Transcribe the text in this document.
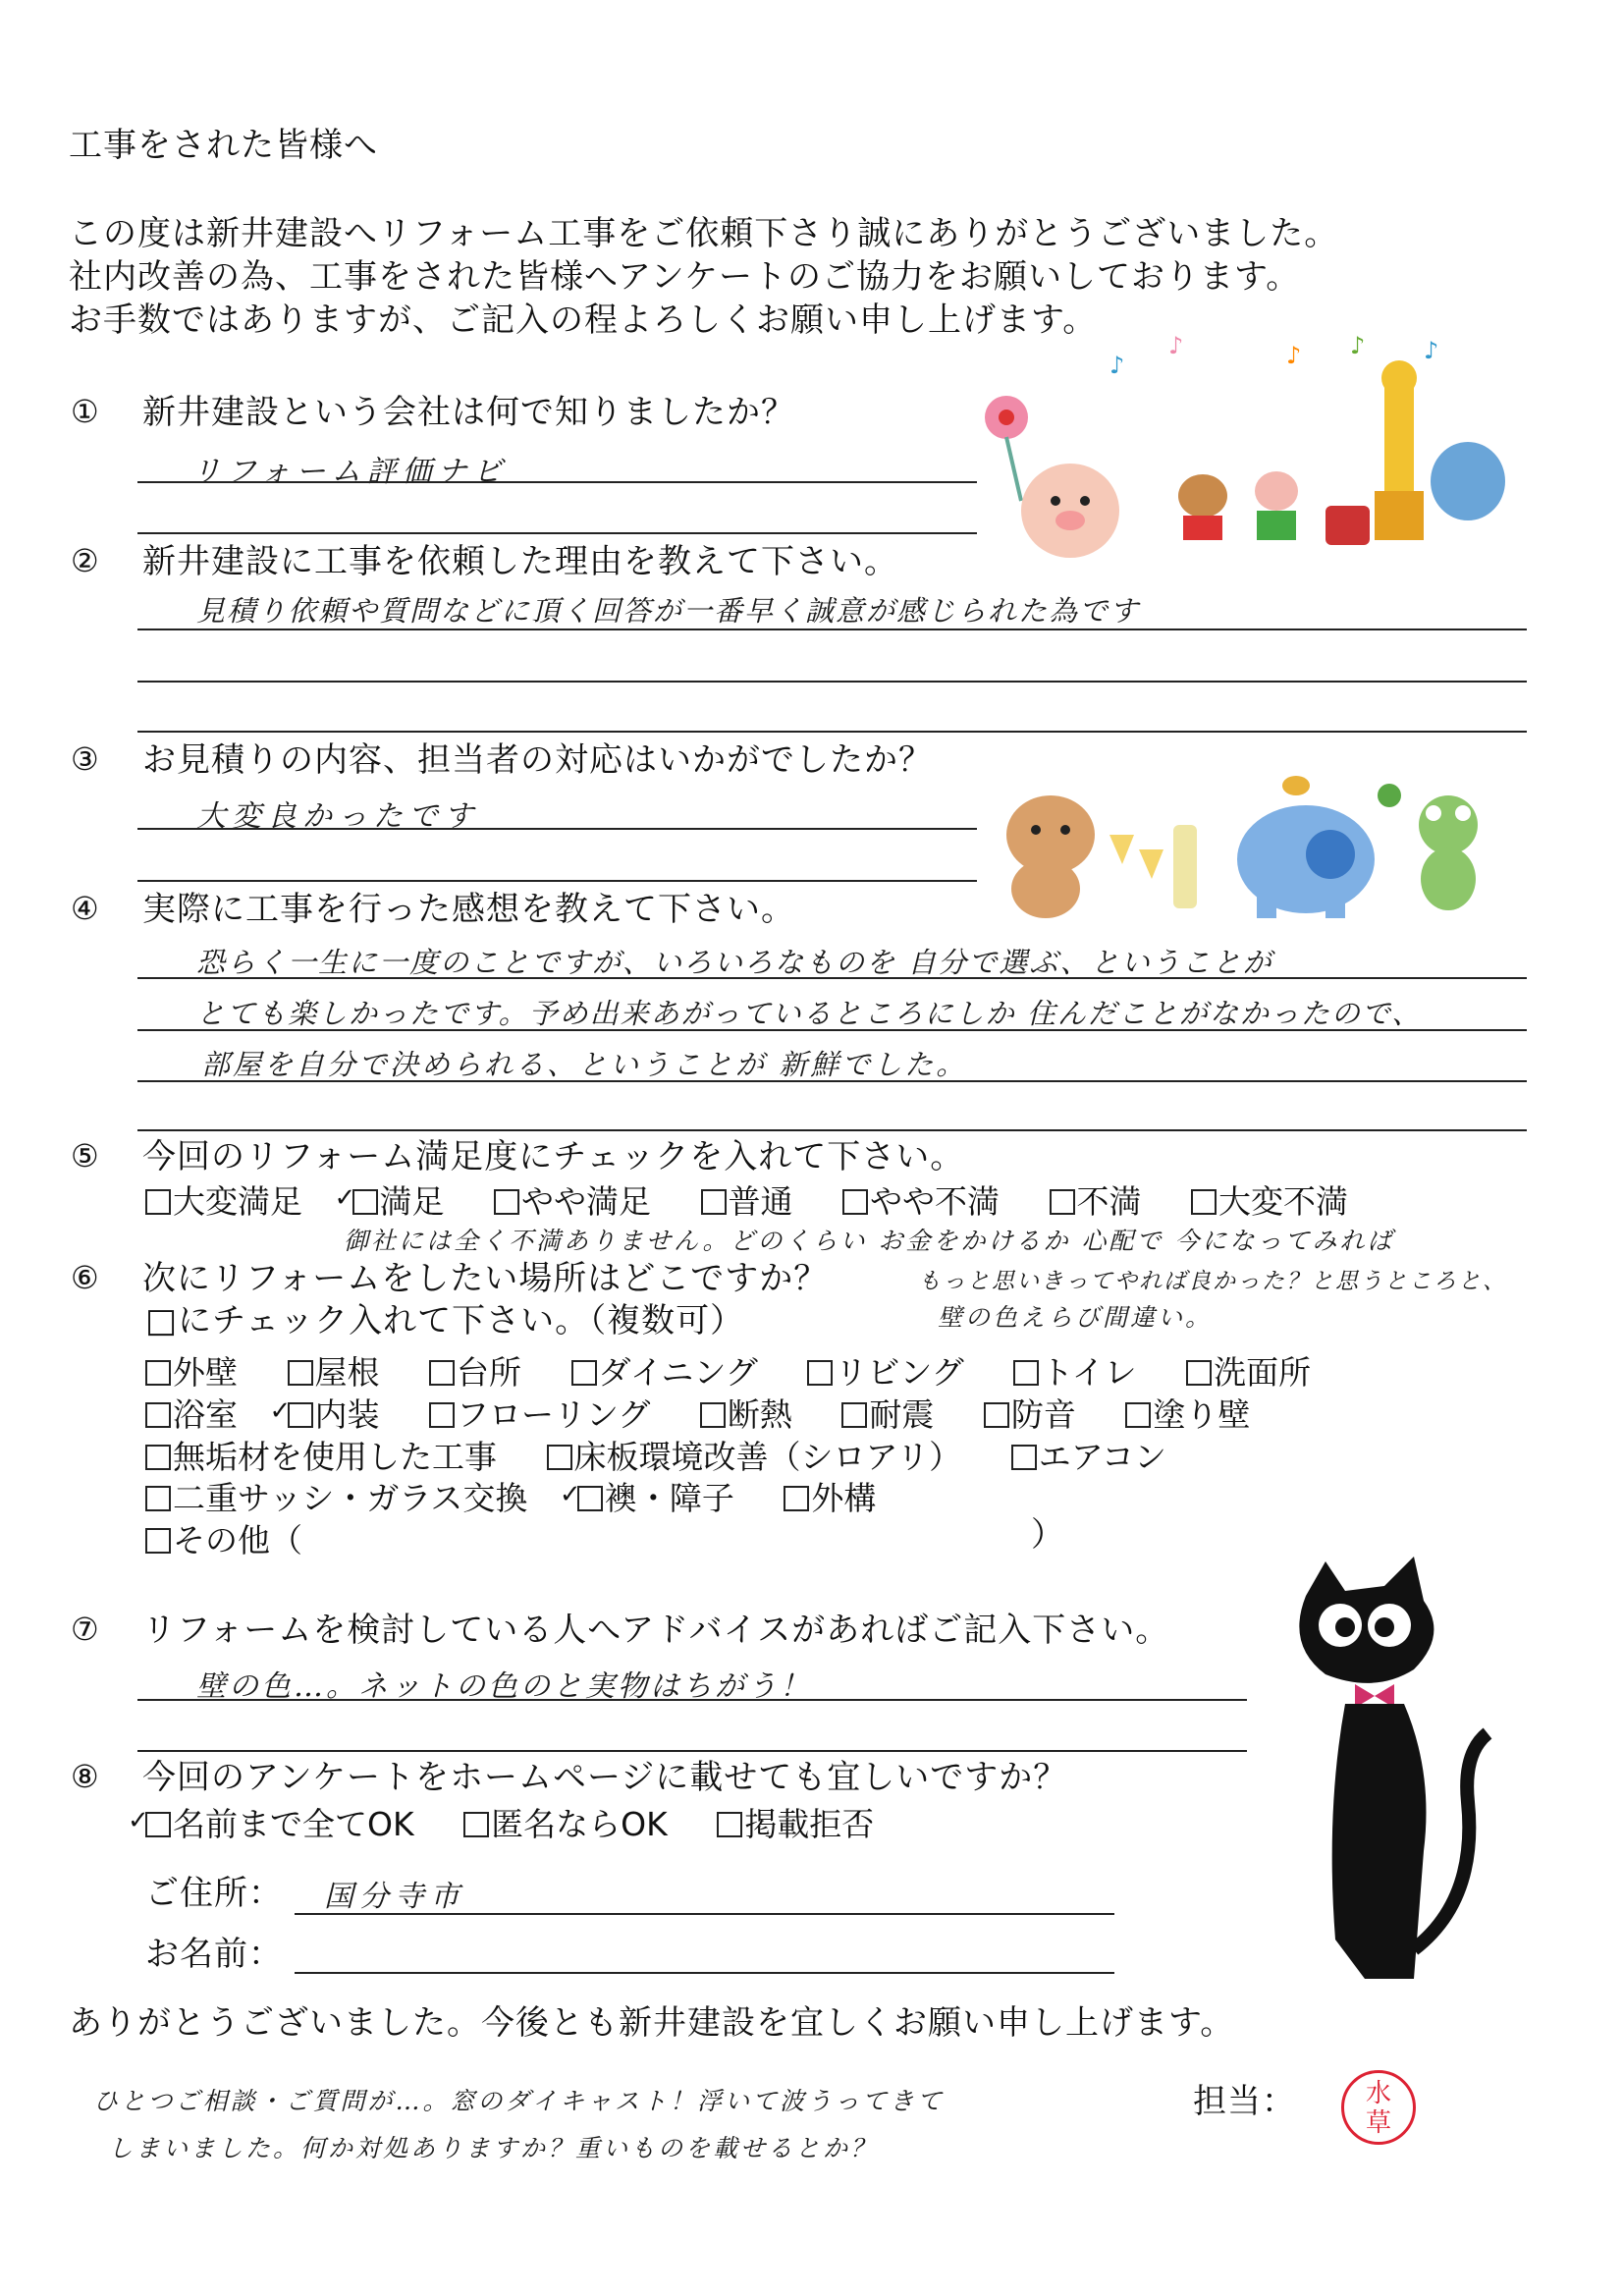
工事をされた皆様へ
この度は新井建設へリフォーム工事をご依頼下さり誠にありがとうございました。
社内改善の為、工事をされた皆様へアンケートのご協力をお願いしております。
お手数ではありますが、ご記入の程よろしくお願い申し上げます。
① 新井建設という会社は何で知りましたか？
リフォーム評価ナビ
② 新井建設に工事を依頼した理由を教えて下さい。
見積り依頼や質問などに頂く回答が一番早く誠意が感じられた為です
③ お見積りの内容、担当者の対応はいかがでしたか？
大変良かったです
④ 実際に工事を行った感想を教えて下さい。
恐らく一生に一度のことですが、いろいろなものを 自分で選ぶ、ということが
とても楽しかったです。予め出来あがっているところにしか 住んだことがなかったので、
部屋を自分で決められる、ということが 新鮮でした。
⑤ 今回のリフォーム満足度にチェックを入れて下さい。
大変満足 ✓ 満足 やや満足 普通 やや不満 不満 大変不満
御社には全く不満ありません。どのくらい お金をかけるか 心配で 今になってみれば
⑥ 次にリフォームをしたい場所はどこですか？	もっと思いきってやれば良かった？と思うところと、
□にチェック入れて下さい。（複数可）	壁の色えらび間違い。
外壁 屋根 台所 ダイニング リビング トイレ 洗面所
浴室 ✓ 内装 フローリング 断熱 耐震 防音 塗り壁
無垢材を使用した工事 床板環境改善（シロアリ） エアコン
二重サッシ・ガラス交換 ✓ 襖・障子 外構
その他（	）
⑦ リフォームを検討している人へアドバイスがあればご記入下さい。
壁の色…。ネットの色のと実物はちがう！
⑧ 今回のアンケートをホームページに載せても宜しいですか？
✓名前まで全てOK 匿名ならOK 掲載拒否
ご住所： 国分寺市
お名前：
ありがとうございました。今後とも新井建設を宜しくお願い申し上げます。
ひとつご相談・ご質問が…。窓のダイキャスト！浮いて波うってきて
しまいました。何か対処ありますか？重いものを載せるとか？
担当：	水草
♪
♪	♪ ♪ ♪
